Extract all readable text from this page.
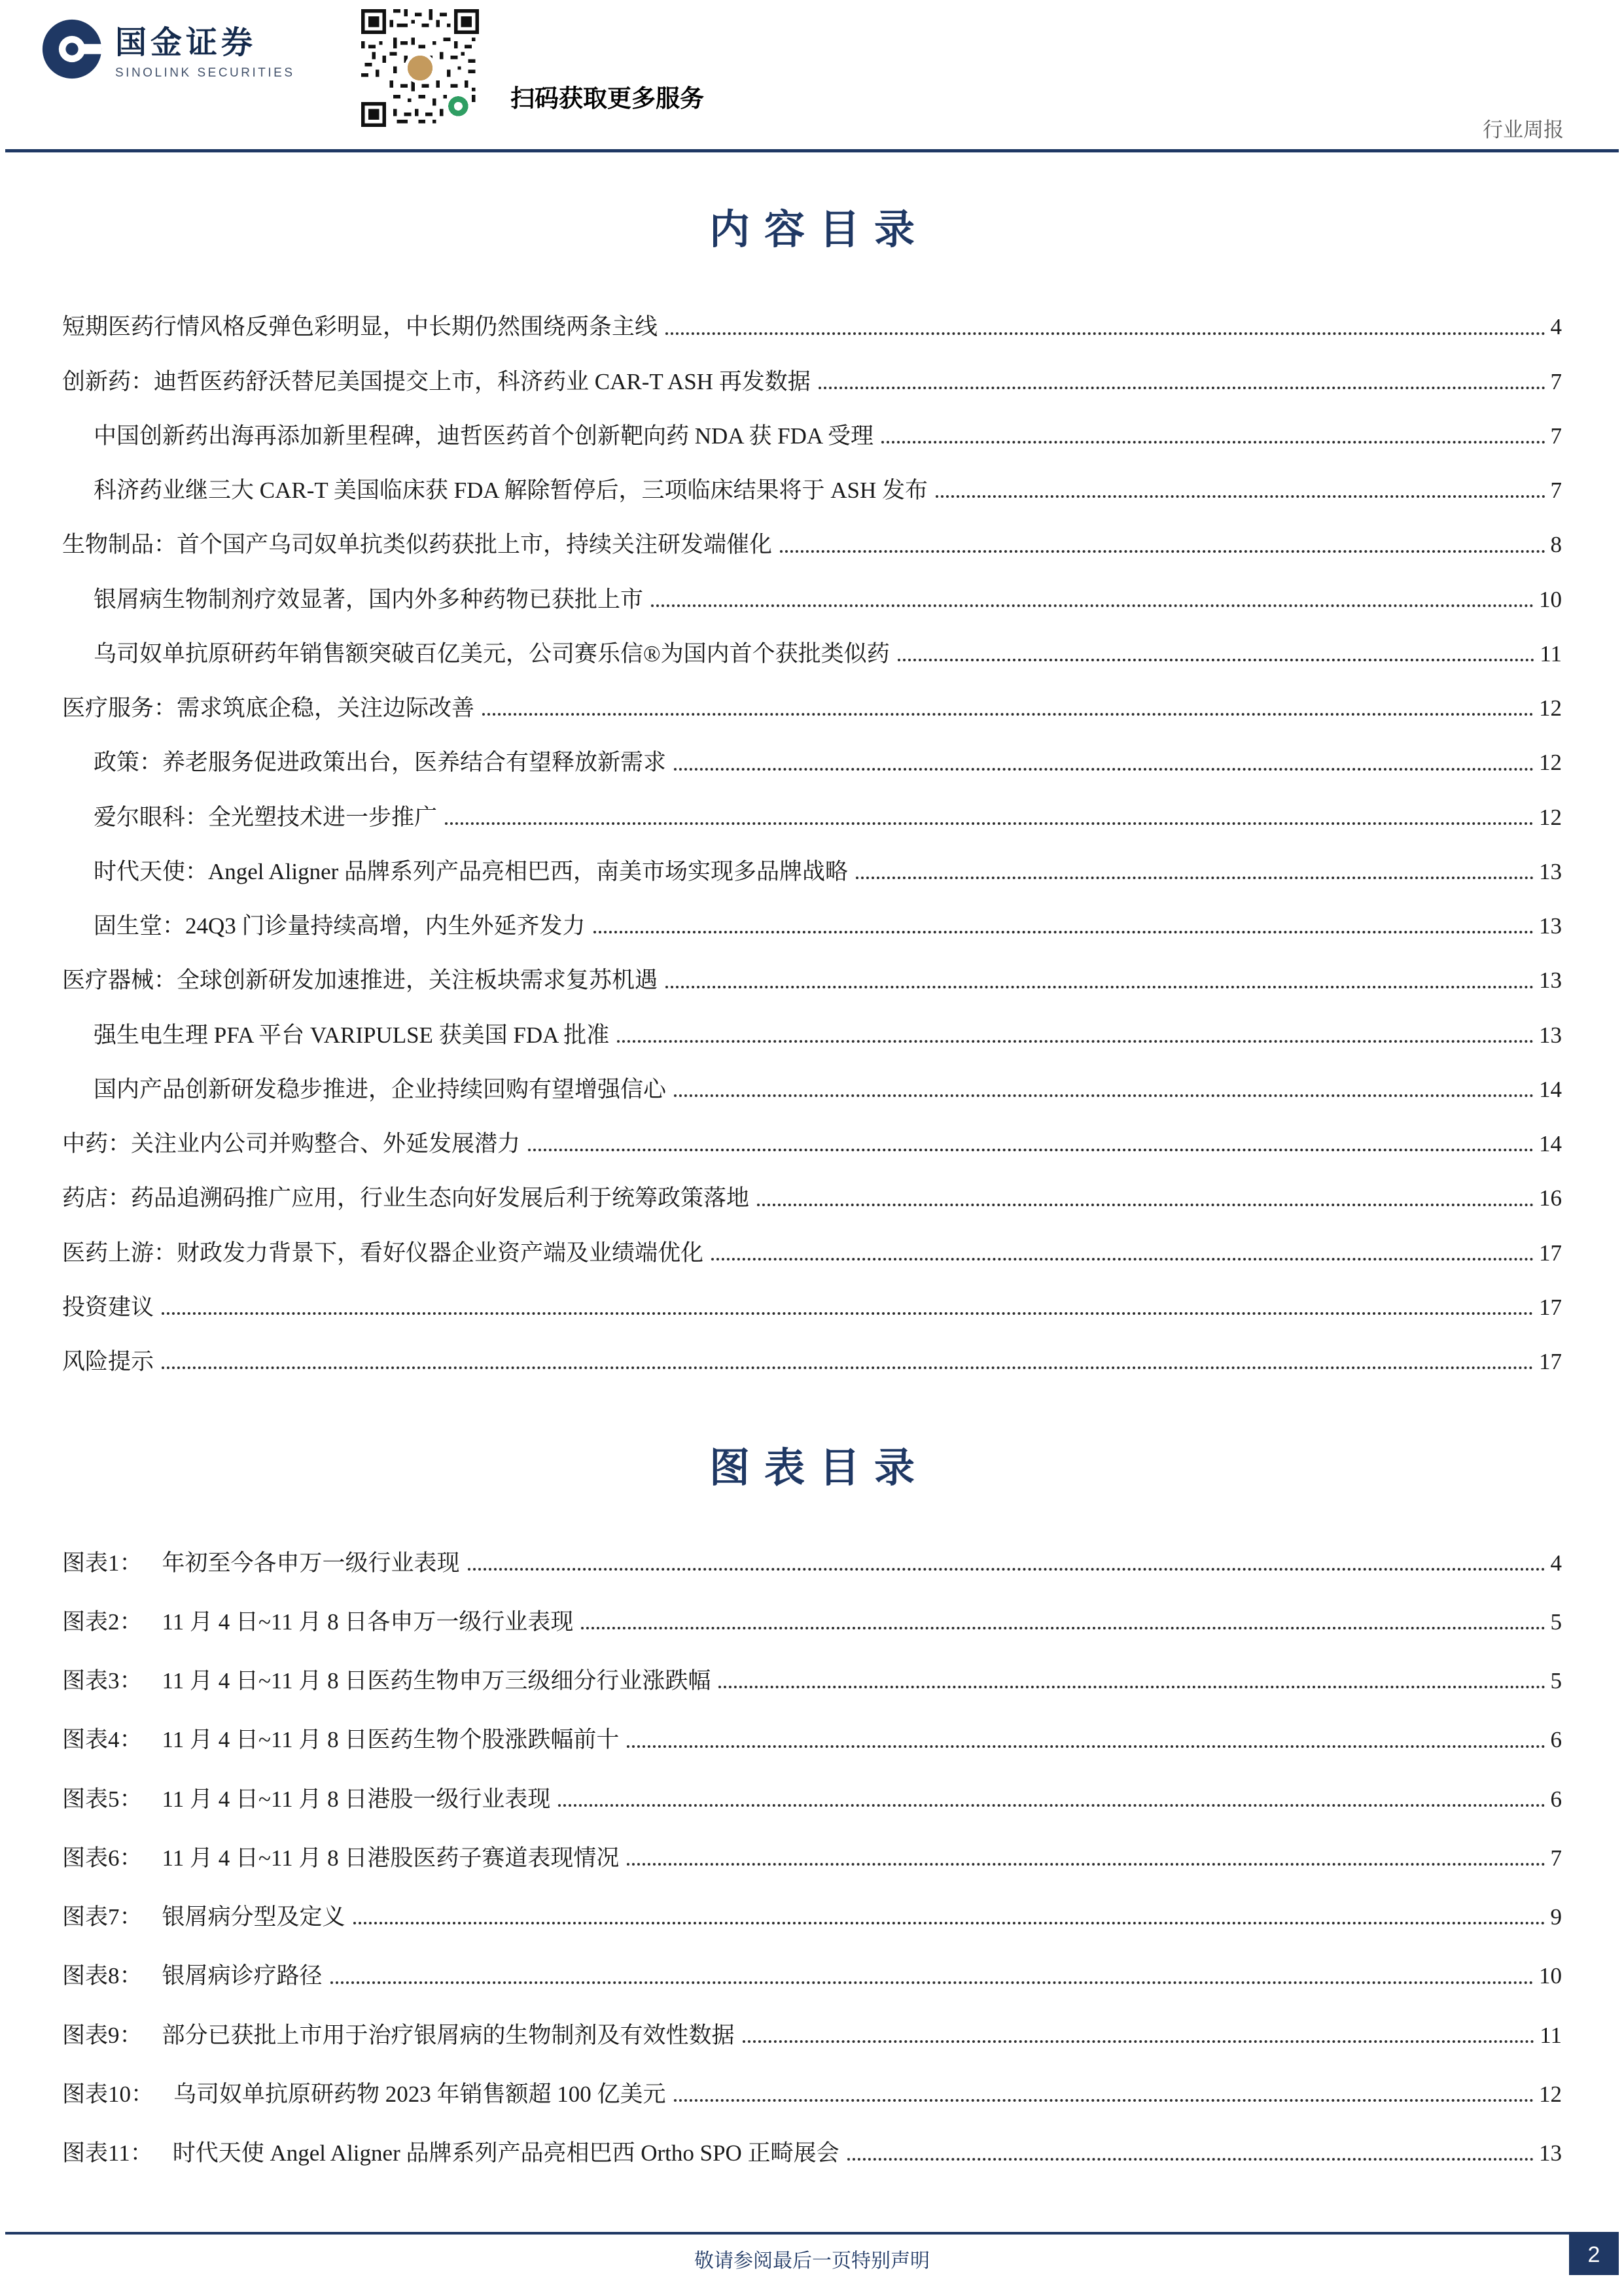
国金证券
SINOLINK SECURITIES
扫码获取更多服务
行业周报
内容目录
短期医药行情风格反弹色彩明显，中长期仍然围绕两条主线	4
创新药：迪哲医药舒沃替尼美国提交上市，科济药业 CAR-T ASH 再发数据	7
中国创新药出海再添加新里程碑，迪哲医药首个创新靶向药 NDA 获 FDA 受理	7
科济药业继三大 CAR-T 美国临床获 FDA 解除暂停后，三项临床结果将于 ASH 发布	7
生物制品：首个国产乌司奴单抗类似药获批上市，持续关注研发端催化	8
银屑病生物制剂疗效显著，国内外多种药物已获批上市	10
乌司奴单抗原研药年销售额突破百亿美元，公司赛乐信®为国内首个获批类似药	11
医疗服务：需求筑底企稳，关注边际改善	12
政策：养老服务促进政策出台，医养结合有望释放新需求	12
爱尔眼科：全光塑技术进一步推广	12
时代天使：Angel Aligner 品牌系列产品亮相巴西，南美市场实现多品牌战略	13
固生堂：24Q3 门诊量持续高增，内生外延齐发力	13
医疗器械：全球创新研发加速推进，关注板块需求复苏机遇	13
强生电生理 PFA 平台 VARIPULSE 获美国 FDA 批准	13
国内产品创新研发稳步推进，企业持续回购有望增强信心	14
中药：关注业内公司并购整合、外延发展潜力	14
药店：药品追溯码推广应用，行业生态向好发展后利于统筹政策落地	16
医药上游：财政发力背景下，看好仪器企业资产端及业绩端优化	17
投资建议	17
风险提示	17
图表目录
图表1： 年初至今各申万一级行业表现	4
图表2： 11 月 4 日~11 月 8 日各申万一级行业表现	5
图表3： 11 月 4 日~11 月 8 日医药生物申万三级细分行业涨跌幅	5
图表4： 11 月 4 日~11 月 8 日医药生物个股涨跌幅前十	6
图表5： 11 月 4 日~11 月 8 日港股一级行业表现	6
图表6： 11 月 4 日~11 月 8 日港股医药子赛道表现情况	7
图表7： 银屑病分型及定义	9
图表8： 银屑病诊疗路径	10
图表9： 部分已获批上市用于治疗银屑病的生物制剂及有效性数据	11
图表10： 乌司奴单抗原研药物 2023 年销售额超 100 亿美元	12
图表11： 时代天使 Angel Aligner 品牌系列产品亮相巴西 Ortho SPO 正畸展会	13
敬请参阅最后一页特别声明	2
